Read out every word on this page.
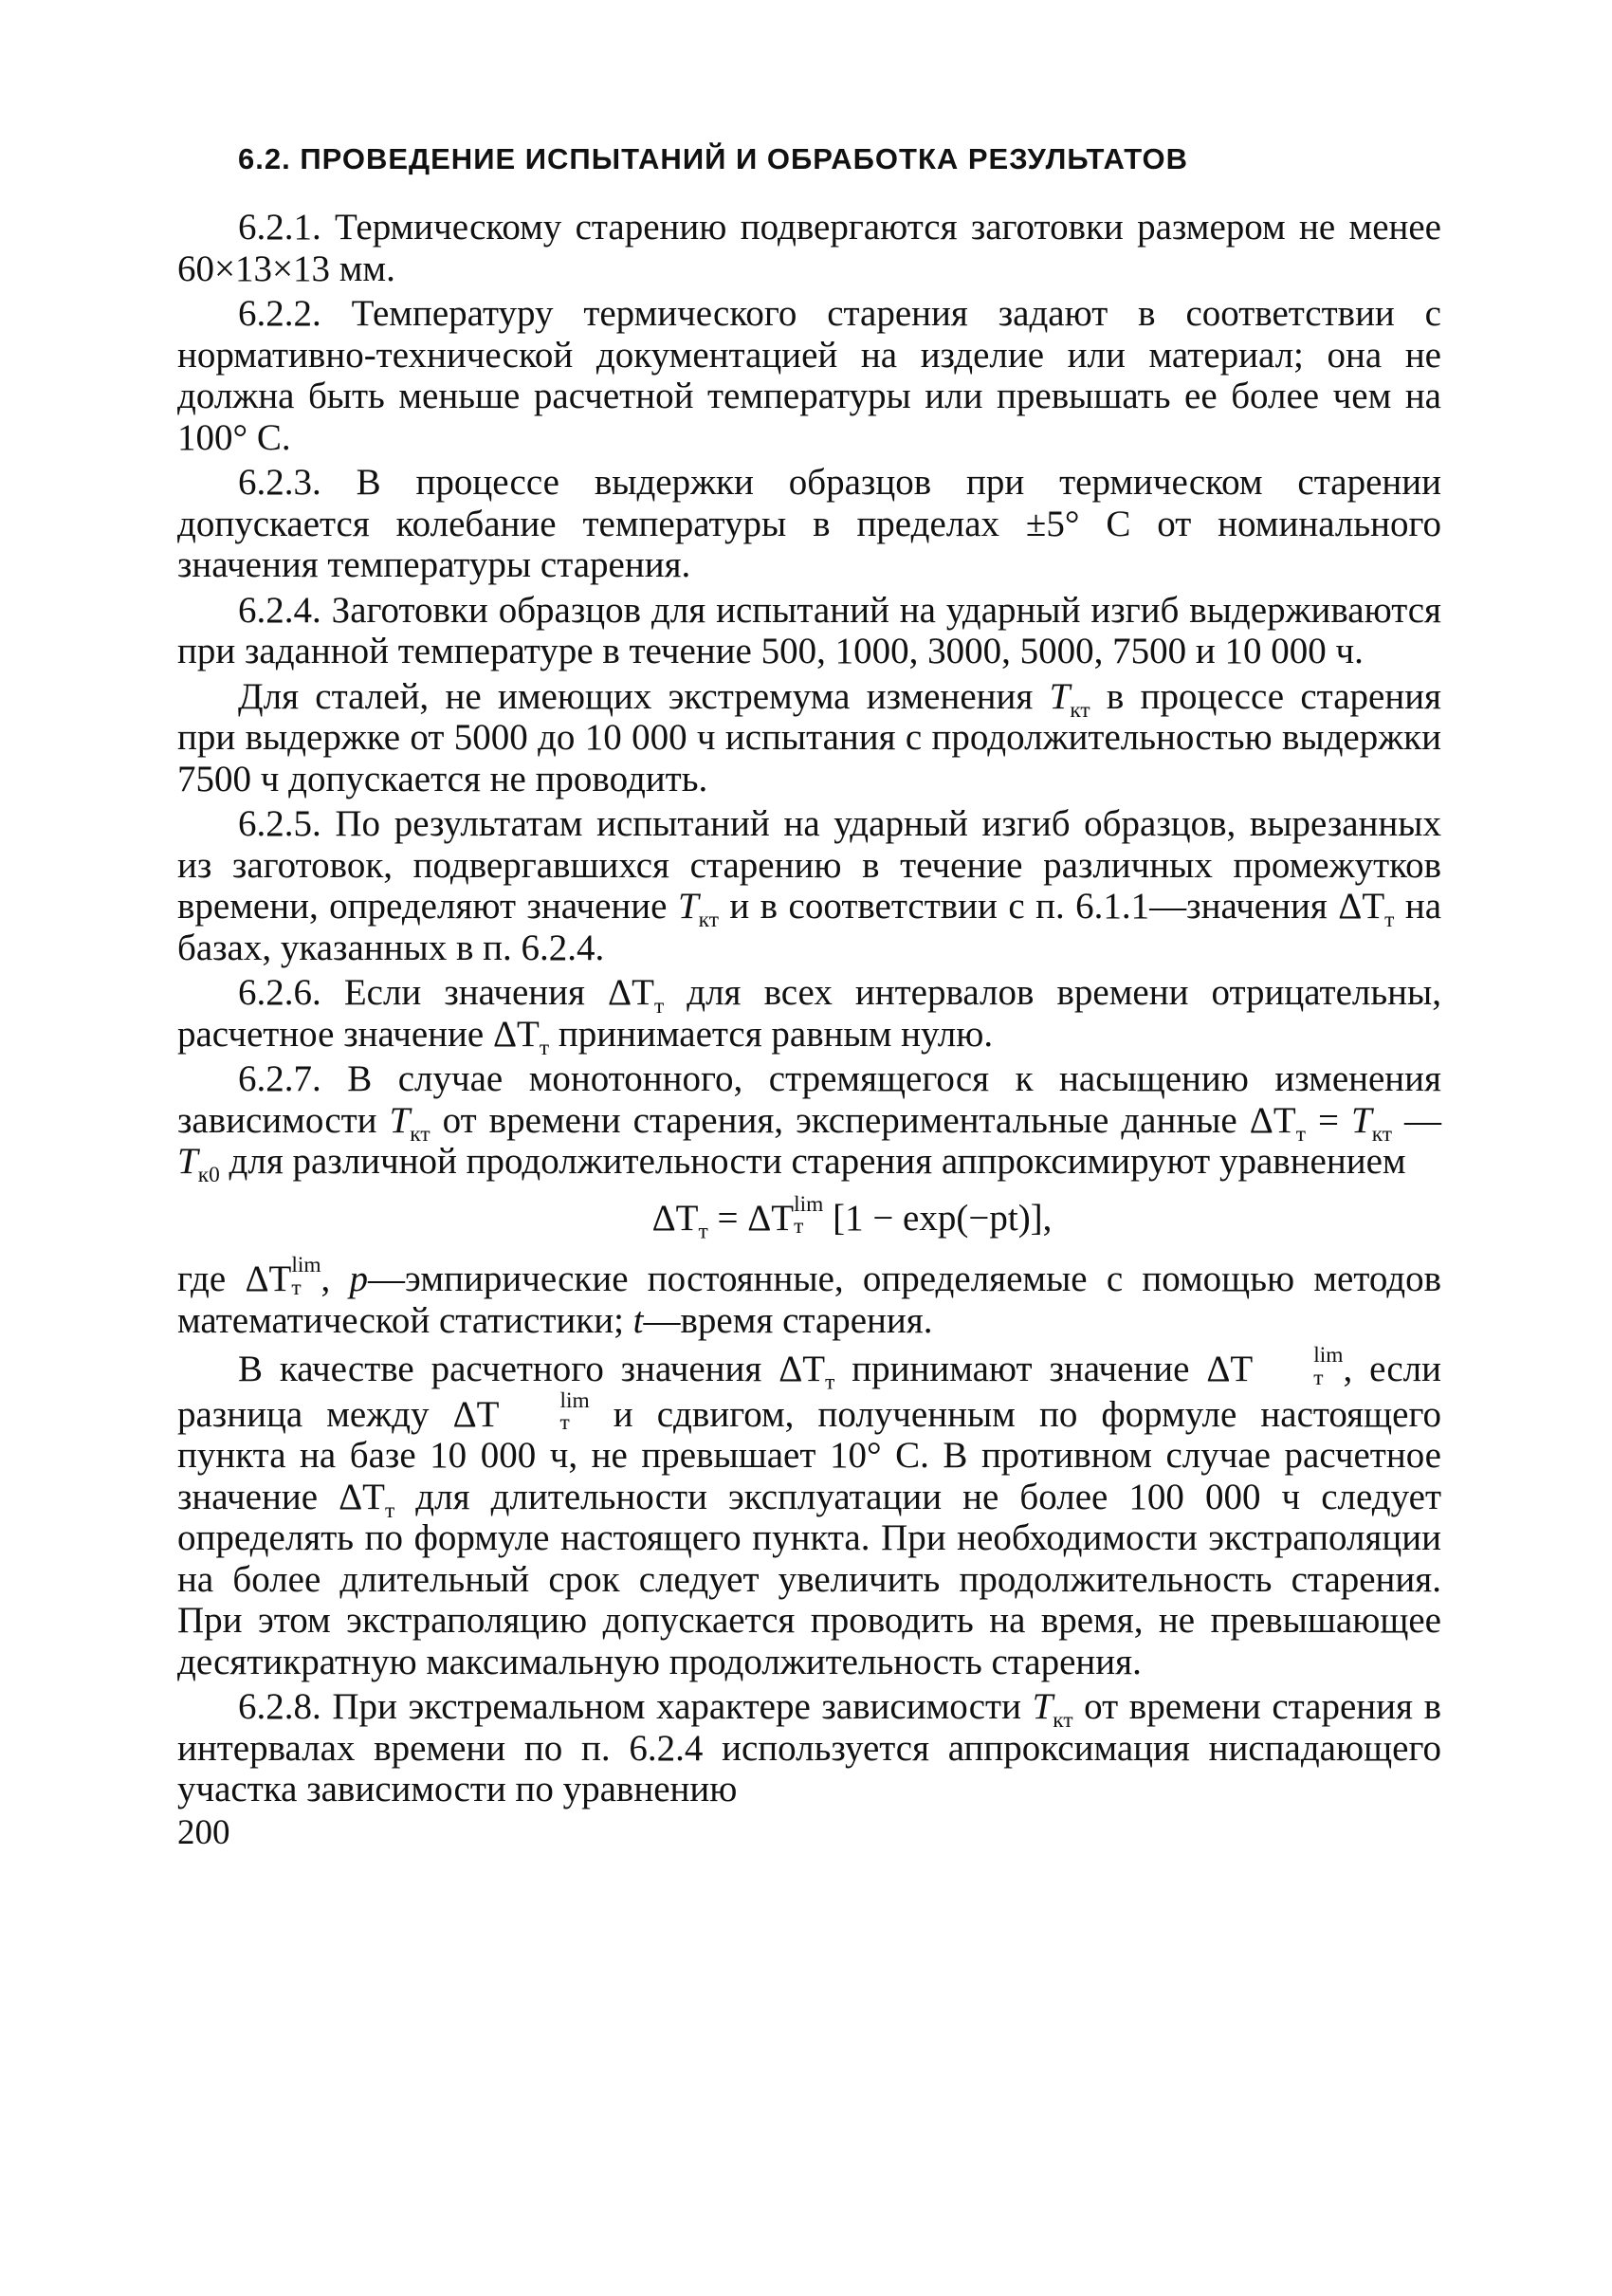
6.2. ПРОВЕДЕНИЕ ИСПЫТАНИЙ И ОБРАБОТКА РЕЗУЛЬТАТОВ

6.2.1. Термическому старению подвергаются заготовки размером не менее 60×13×13 мм.

6.2.2. Температуру термического старения задают в соответствии с нормативно-технической документацией на изделие или материал; она не должна быть меньше расчетной температуры или превышать ее более чем на 100° С.

6.2.3. В процессе выдержки образцов при термическом старении допускается колебание температуры в пределах ±5° С от номинального значения температуры старения.

6.2.4. Заготовки образцов для испытаний на ударный изгиб выдерживаются при заданной температуре в течение 500, 1000, 3000, 5000, 7500 и 10 000 ч.

Для сталей, не имеющих экстремума изменения $T_{кт}$ в процессе старения при выдержке от 5000 до 10 000 ч испытания с продолжительностью выдержки 7500 ч допускается не проводить.

6.2.5. По результатам испытаний на ударный изгиб образцов, вырезанных из заготовок, подвергавшихся старению в течение различных промежутков времени, определяют значение $T_{кт}$ и в соответствии с п. 6.1.1—значения $\Delta T_т$ на базах, указанных в п. 6.2.4.

6.2.6. Если значения $\Delta T_т$ для всех интервалов времени отрицательны, расчетное значение $\Delta T_т$ принимается равным нулю.

6.2.7. В случае монотонного, стремящегося к насыщению изменения зависимости $T_{кт}$ от времени старения, экспериментальные данные $\Delta T_т = T_{кт}$ — $T_{к0}$ для различной продолжительности старения аппроксимируют уравнением

$\Delta T_т = \Delta T$ lim
т [1 − exp(−pt)],

где ΔT lim
т , p—эмпирические постоянные, определяемые с помощью методов математической статистики; t—время старения.

В качестве расчетного значения $\Delta T_т$ принимают значение ΔT	lim
т , если разница между ΔT	lim
т и сдвигом, полученным по формуле настоящего пункта на базе 10 000 ч, не превышает 10° С. В противном случае расчетное значение $\Delta T_т$ для длительности эксплуатации не более 100 000 ч следует определять по формуле настоящего пункта. При необходимости экстраполяции на более длительный срок следует увеличить продолжительность старения. При этом экстраполяцию допускается проводить на время, не превышающее десятикратную максимальную продолжительность старения.

6.2.8. При экстремальном характере зависимости $T_{кт}$ от времени старения в интервалах времени по п. 6.2.4 используется аппроксимация ниспадающего участка зависимости по уравнению

200
